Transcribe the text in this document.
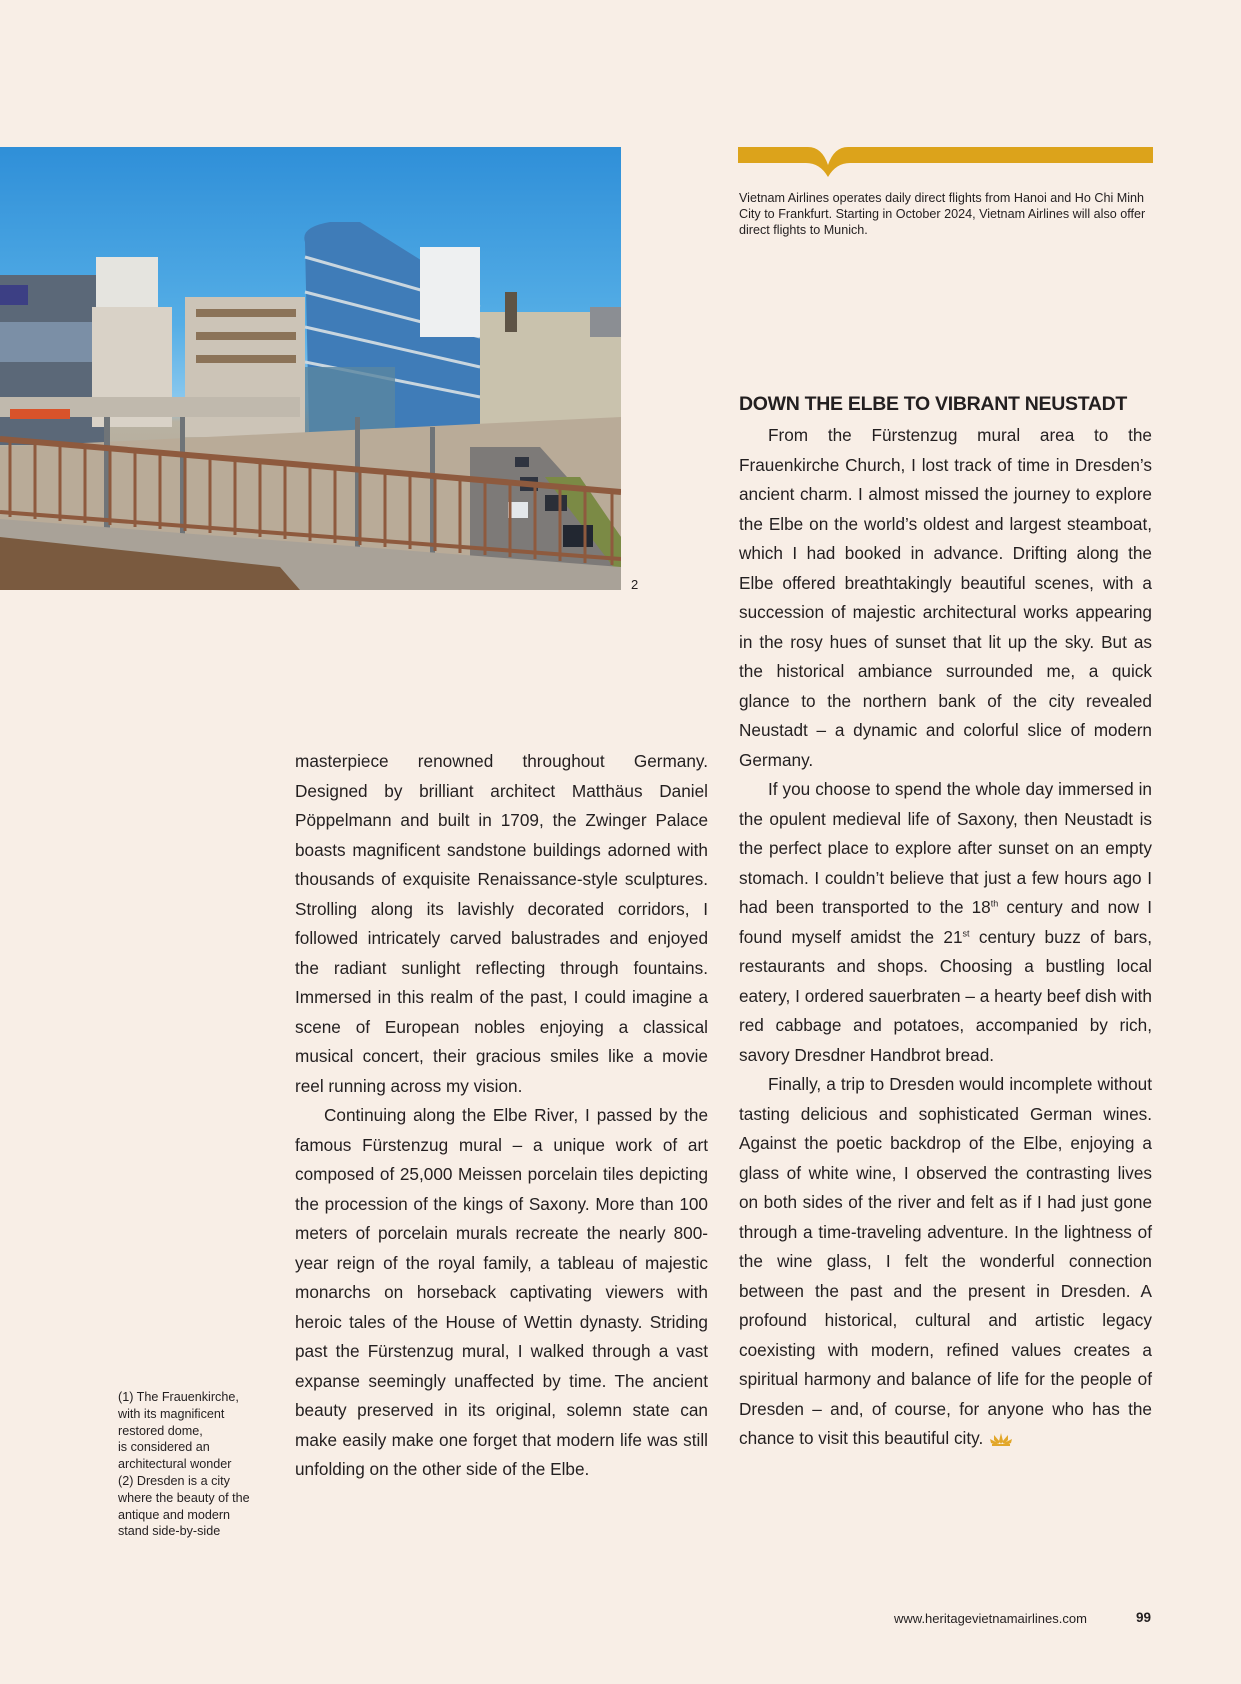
2
Vietnam Airlines operates daily direct flights from Hanoi and Ho Chi Minh City to Frankfurt. Starting in October 2024, Vietnam Airlines will also offer direct flights to Munich.
DOWN THE ELBE TO VIBRANT NEUSTADT

From the Fürstenzug mural area to the Frauenkirche Church, I lost track of time in Dresden’s ancient charm. I almost missed the journey to explore the Elbe on the world’s oldest and largest steamboat, which I had booked in advance. Drifting along the Elbe offered breathtakingly beautiful scenes, with a succession of majestic architectural works appearing in the rosy hues of sunset that lit up the sky. But as the historical ambiance surrounded me, a quick glance to the northern bank of the city revealed Neustadt – a dynamic and colorful slice of modern Germany.

If you choose to spend the whole day immersed in the opulent medieval life of Saxony, then Neustadt is the perfect place to explore after sunset on an empty stomach. I couldn’t believe that just a few hours ago I had been transported to the 18th century and now I found myself amidst the 21st century buzz of bars, restaurants and shops. Choosing a bustling local eatery, I ordered sauerbraten – a hearty beef dish with red cabbage and potatoes, accompanied by rich, savory Dresdner Handbrot bread.

Finally, a trip to Dresden would incomplete without tasting delicious and sophisticated German wines. Against the poetic backdrop of the Elbe, enjoying a glass of white wine, I observed the contrasting lives on both sides of the river and felt as if I had just gone through a time-traveling adventure. In the lightness of the wine glass, I felt the wonderful connection between the past and the present in Dresden. A profound historical, cultural and artistic legacy coexisting with modern, refined values creates a spiritual harmony and balance of life for the people of Dresden – and, of course, for anyone who has the chance to visit this beautiful city.

masterpiece renowned throughout Germany. Designed by brilliant architect Matthäus Daniel Pöppelmann and built in 1709, the Zwinger Palace boasts magnificent sandstone buildings adorned with thousands of exquisite Renaissance-style sculptures. Strolling along its lavishly decorated corridors, I followed intricately carved balustrades and enjoyed the radiant sunlight reflecting through fountains. Immersed in this realm of the past, I could imagine a scene of European nobles enjoying a classical musical concert, their gracious smiles like a movie reel running across my vision.

Continuing along the Elbe River, I passed by the famous Fürstenzug mural – a unique work of art composed of 25,000 Meissen porcelain tiles depicting the procession of the kings of Saxony. More than 100 meters of porcelain murals recreate the nearly 800-year reign of the royal family, a tableau of majestic monarchs on horseback captivating viewers with heroic tales of the House of Wettin dynasty. Striding past the Fürstenzug mural, I walked through a vast expanse seemingly unaffected by time. The ancient beauty preserved in its original, solemn state can make easily make one forget that modern life was still unfolding on the other side of the Elbe.

(1) The Frauenkirche,
with its magnificent
restored dome,
is considered an
architectural wonder
(2) Dresden is a city
where the beauty of the
antique and modern
stand side-by-side
www.heritagevietnamairlines.com	99
